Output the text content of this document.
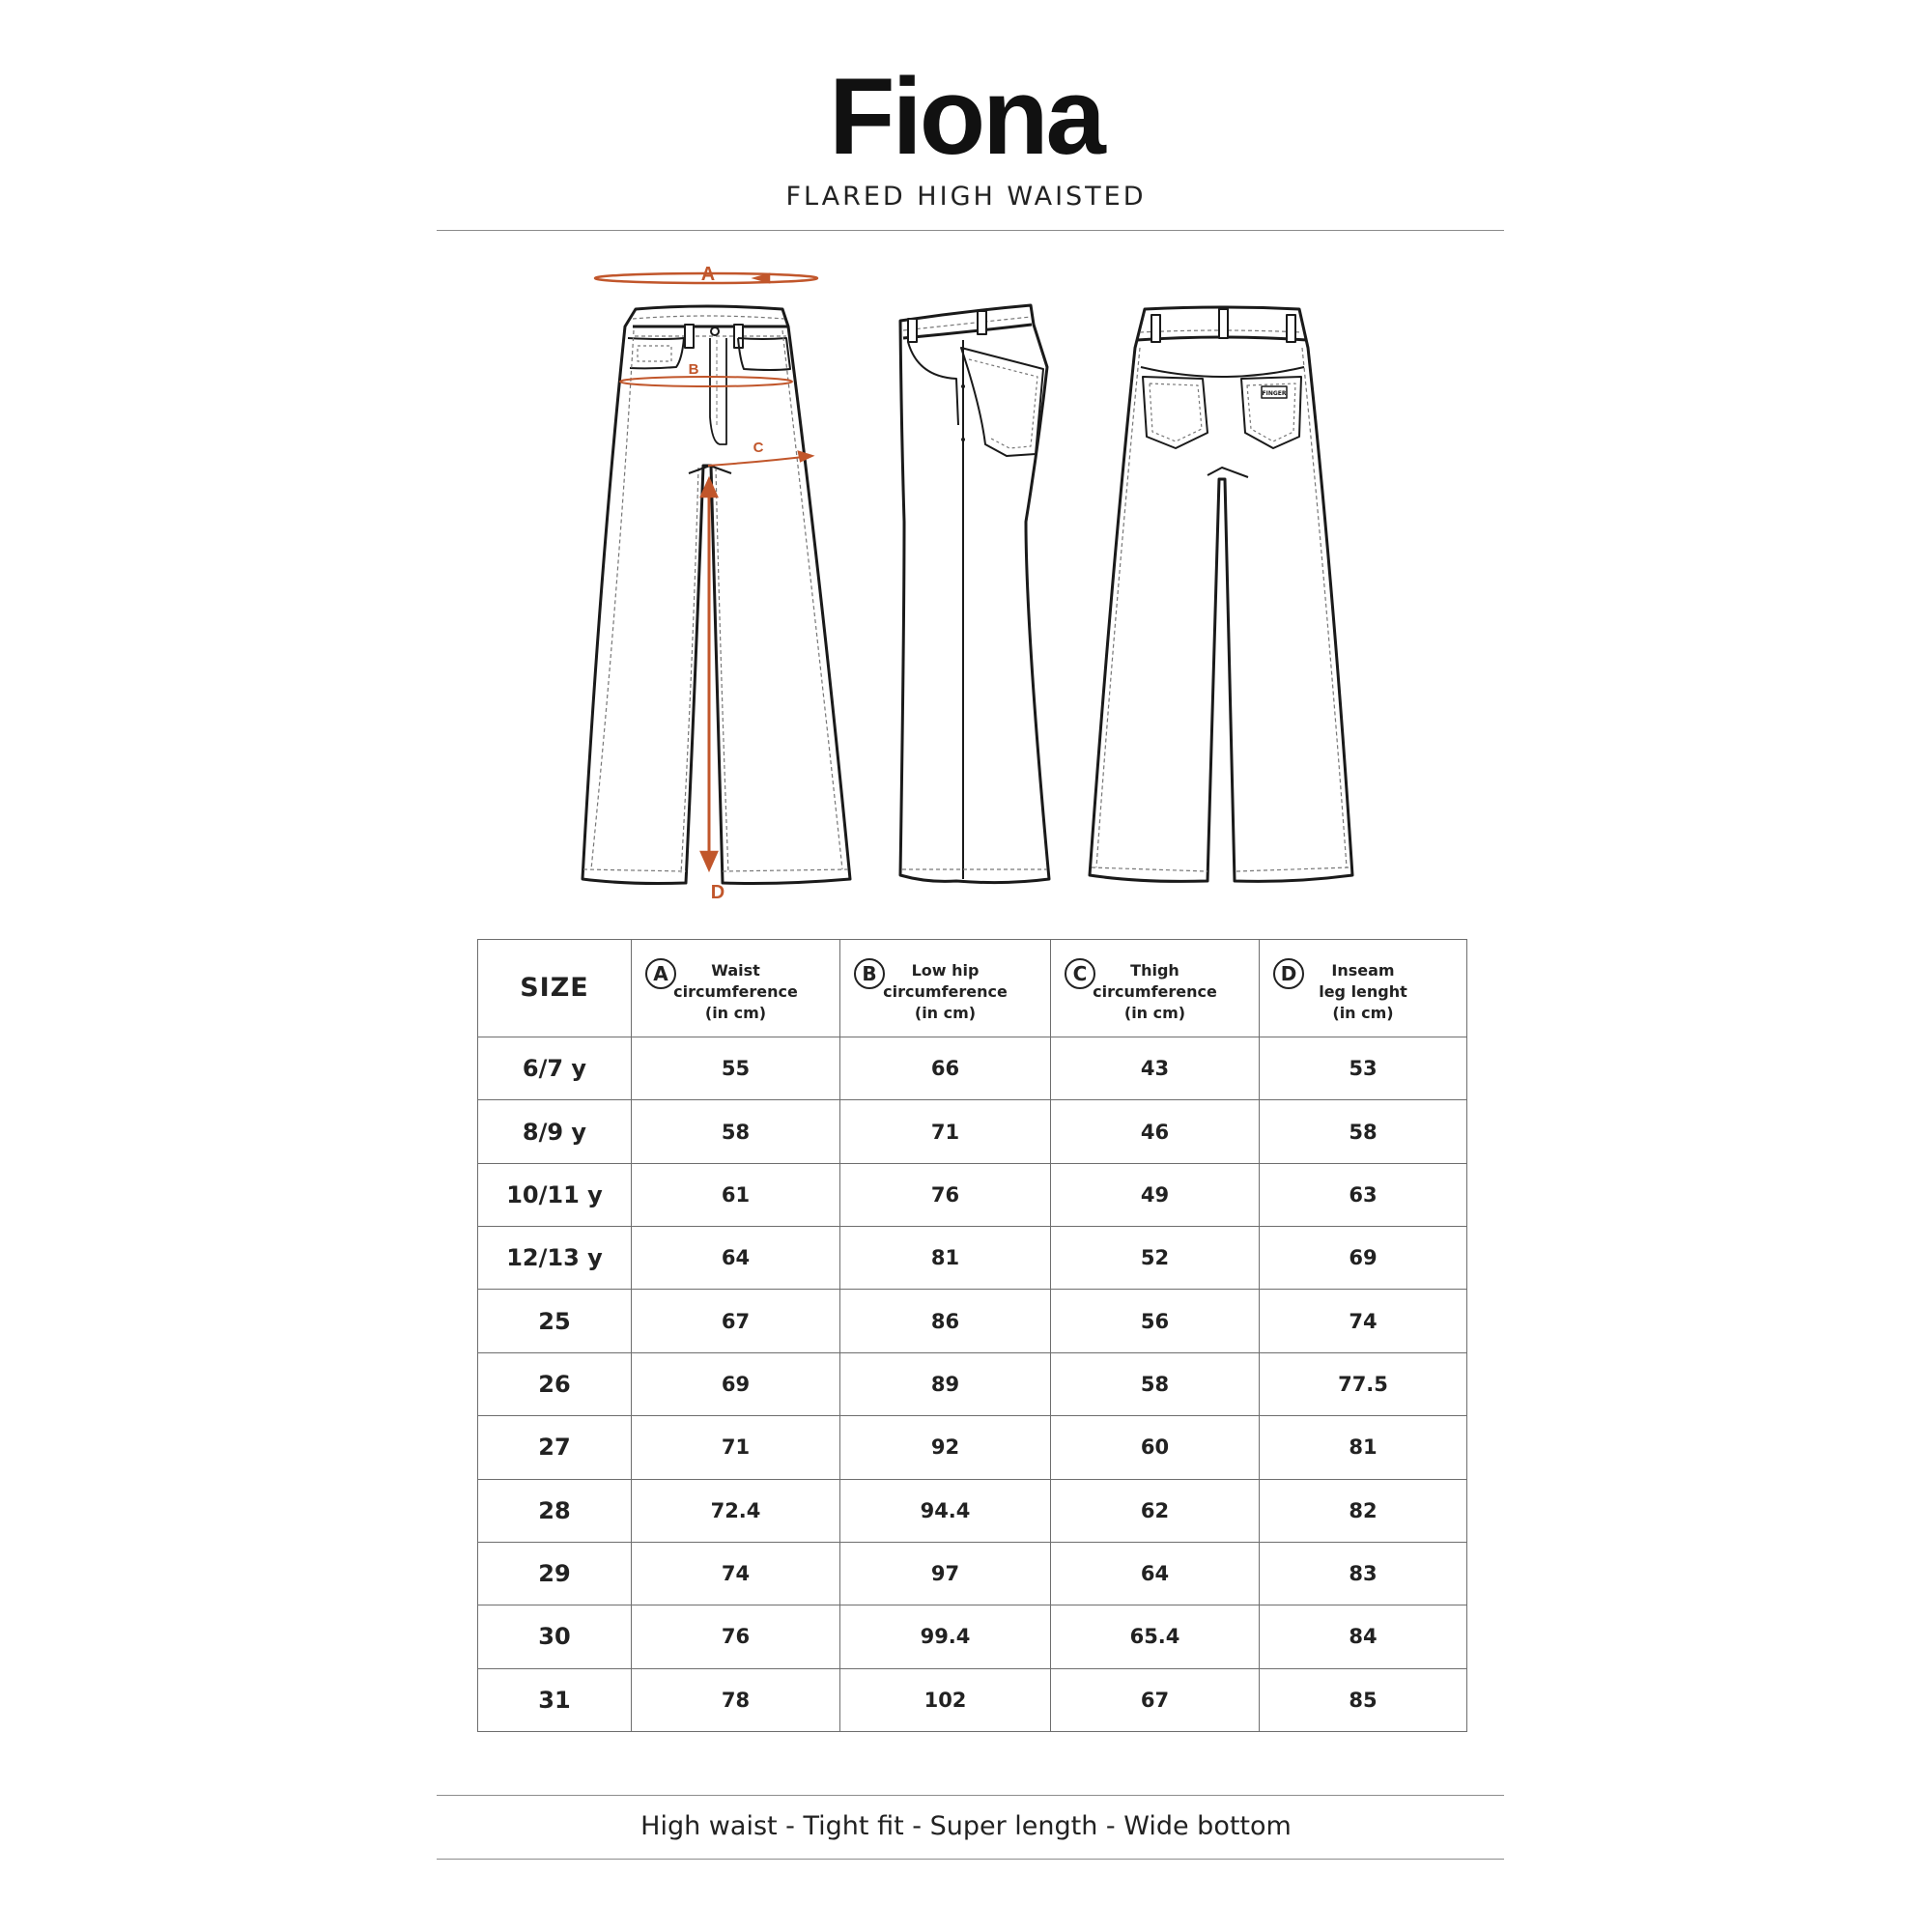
Fiona
FLARED HIGH WAISTED
A
B
C
D
FINGER
SIZE	A Waist
circumference
(in cm)	B Low hip
circumference
(in cm)	C Thigh
circumference
(in cm)	D Inseam
leg lenght
(in cm)

6/7 y	55	66	43	53
8/9 y	58	71	46	58
10/11 y	61	76	49	63
12/13 y	64	81	52	69
25	67	86	56	74
26	69	89	58	77.5
27	71	92	60	81
28	72.4	94.4	62	82
29	74	97	64	83
30	76	99.4	65.4	84
31	78	102	67	85
High waist - Tight fit - Super length - Wide bottom
